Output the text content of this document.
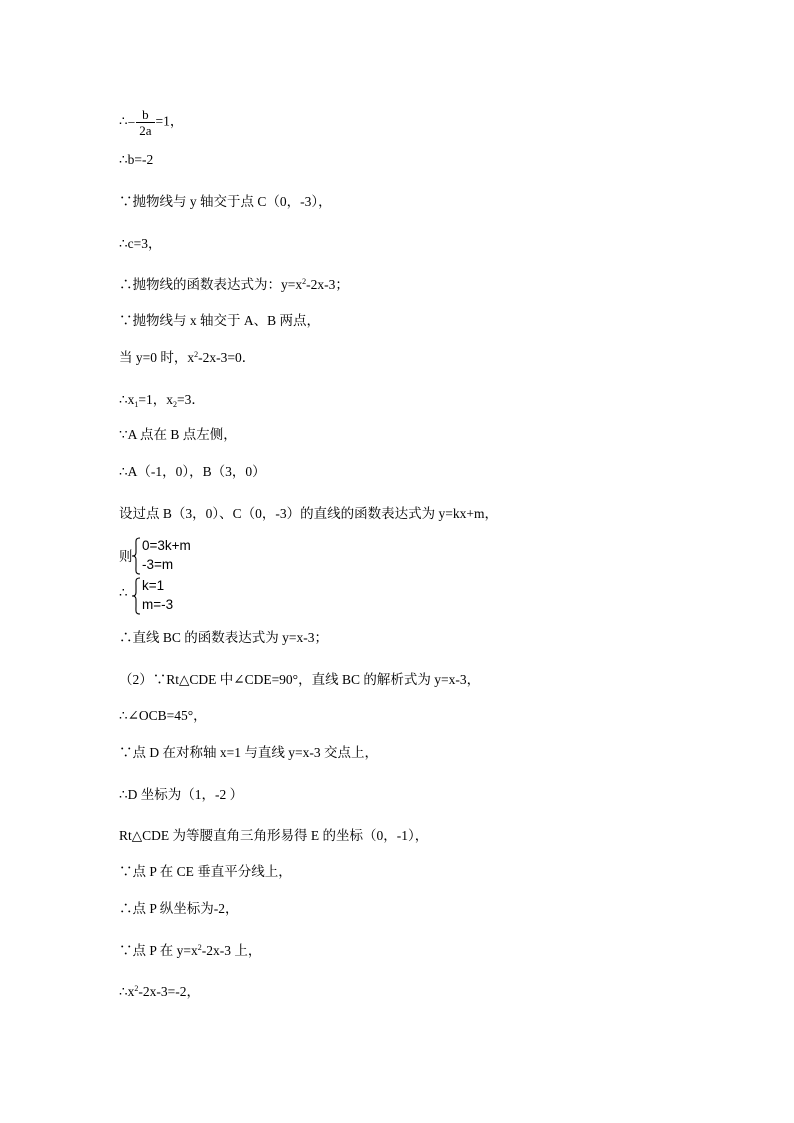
∴− $\frac{b}{2a} =1$，
∴b=-2
∵抛物线与 y 轴交于点 C（0，-3），
∴c=3，
∴抛物线的函数表达式为：$y=x^2-2x-3$；
∵抛物线与 x 轴交于 A、B 两点，
当 y=0 时，$x^2-2x-3=0$．
$\therefore x_1=1$，$x_2=3$．
∵A 点在 B 点左侧，
∴A（-1，0），B（3，0）
设过点 B（3，0）、C（0，-3）的直线的函数表达式为 y=kx+m，
则
0=3k+m
-3=m
∴ k=1
m=-3
∴直线 BC 的函数表达式为 y=x-3；
（2）∵Rt△CDE 中∠CDE=90°，直线 BC 的解析式为 y=x-3，
∴∠OCB=45°，
∵点 D 在对称轴 x=1 与直线 y=x-3 交点上，
∴D 坐标为（1，-2 ）
Rt△CDE 为等腰直角三角形易得 E 的坐标（0，-1），
∵点 P 在 CE 垂直平分线上，
∴点 P 纵坐标为-2，
∵点 P 在 $y=x^2-2x-3$ 上，
$\therefore x^2-2x-3=-2$，
